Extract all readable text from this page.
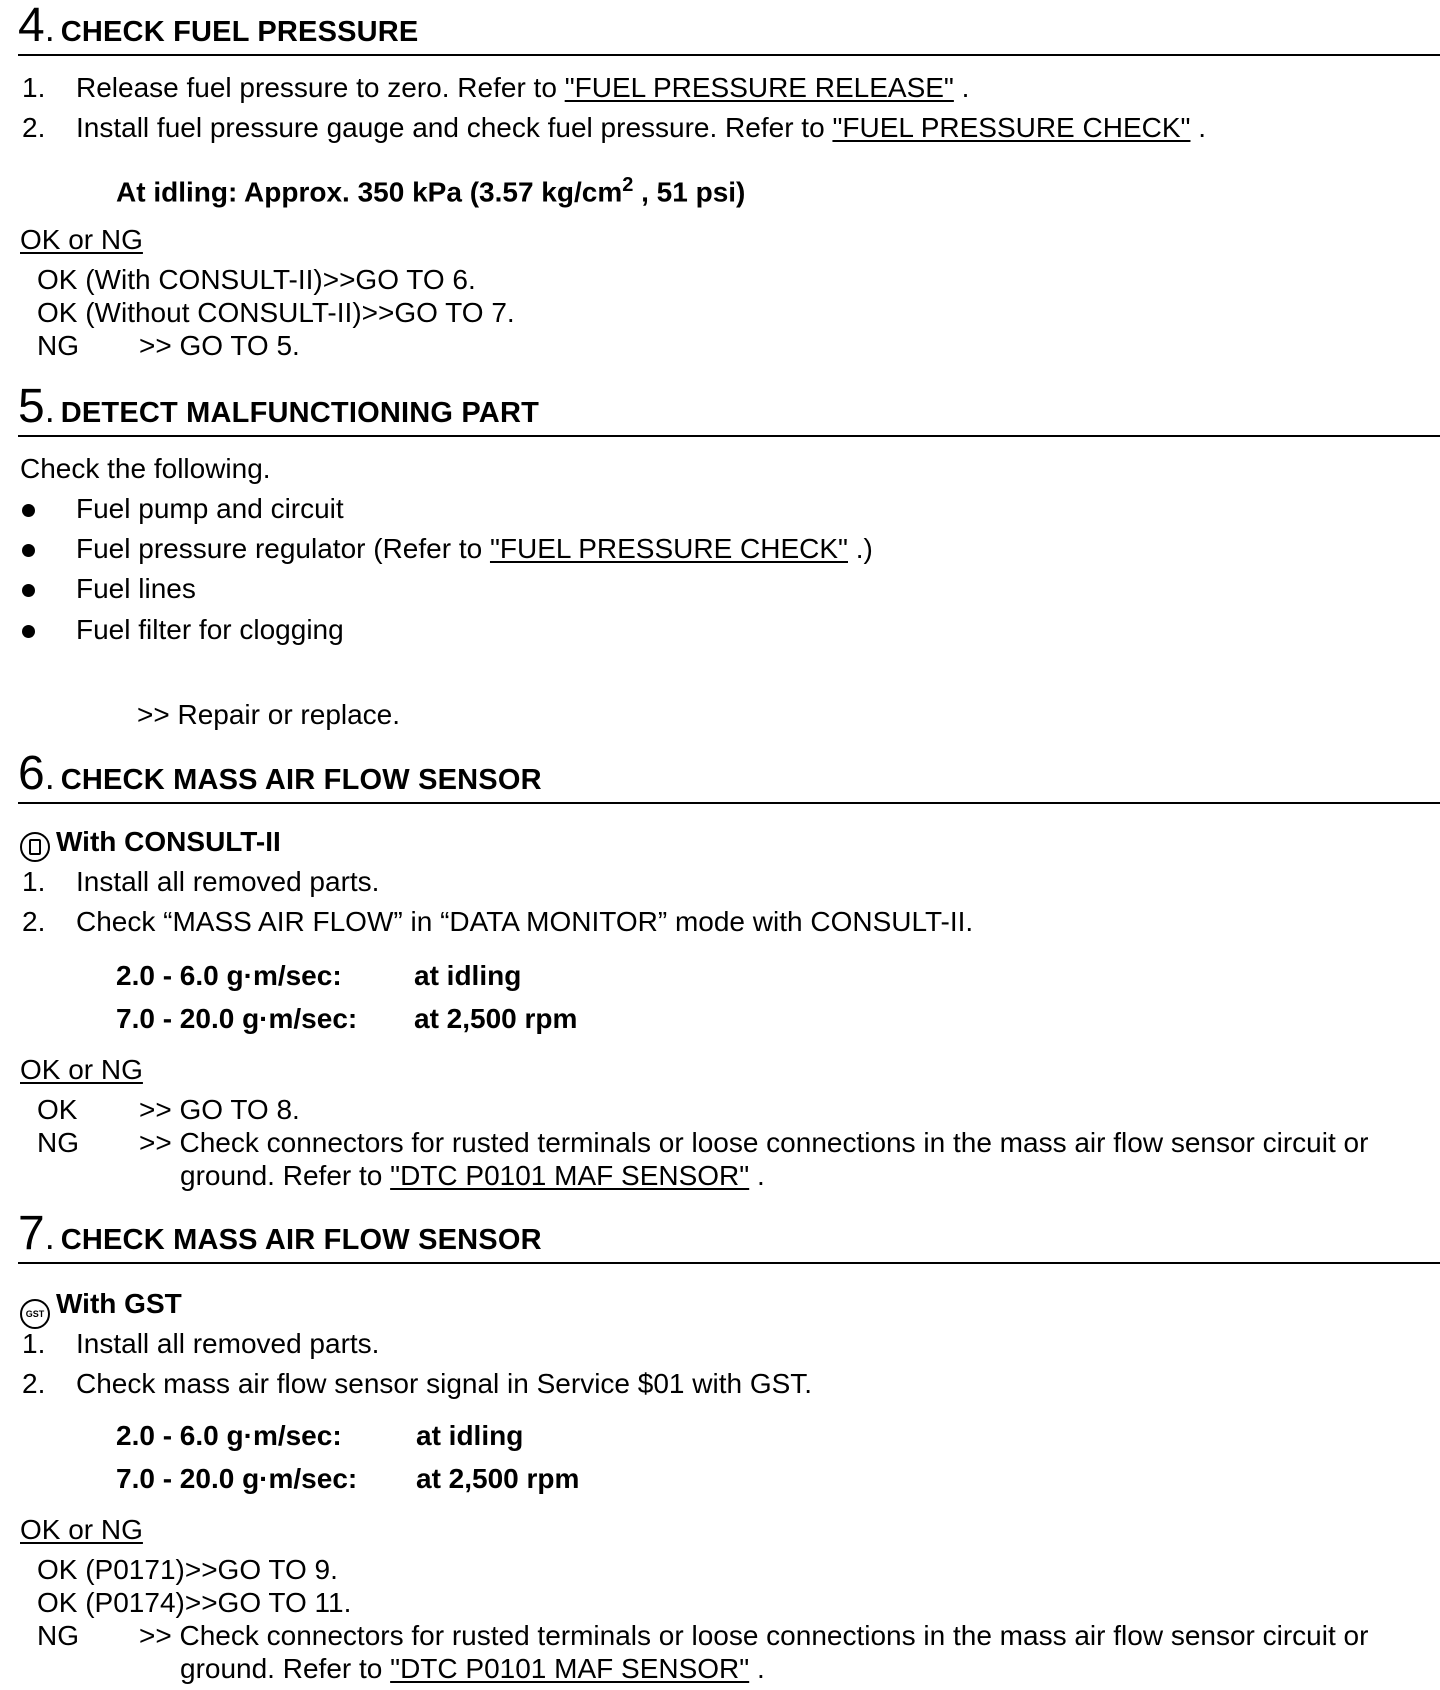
4. CHECK FUEL PRESSURE
1. Release fuel pressure to zero. Refer to "FUEL PRESSURE RELEASE" .
2. Install fuel pressure gauge and check fuel pressure. Refer to "FUEL PRESSURE CHECK" .
At idling: Approx. 350 kPa (3.57 $kg/cm^2$ , 51 psi)
OK or NG
OK (With CONSULT-II)>>GO TO 6.
OK (Without CONSULT-II)>>GO TO 7.
NG >> GO TO 5.
5. DETECT MALFUNCTIONING PART
Check the following.
Fuel pump and circuit
Fuel pressure regulator (Refer to "FUEL PRESSURE CHECK" .)
Fuel lines
Fuel filter for clogging
>> Repair or replace.
6. CHECK MASS AIR FLOW SENSOR
With CONSULT-II
1. Install all removed parts.
2. Check “MASS AIR FLOW” in “DATA MONITOR” mode with CONSULT-II.
2.0 - 6.0 g·m/sec:	at idling
7.0 - 20.0 g·m/sec: at 2,500 rpm
OK or NG
OK >> GO TO 8.
NG >> Check connectors for rusted terminals or loose connections in the mass air flow sensor circuit or
ground. Refer to "DTC P0101 MAF SENSOR" .
7. CHECK MASS AIR FLOW SENSOR
GST With GST
1. Install all removed parts.
2. Check mass air flow sensor signal in Service $01 with GST.
2.0 - 6.0 g·m/sec:	at idling
7.0 - 20.0 g·m/sec: at 2,500 rpm
OK or NG
OK (P0171)>>GO TO 9.
OK (P0174)>>GO TO 11.
NG >> Check connectors for rusted terminals or loose connections in the mass air flow sensor circuit or
ground. Refer to "DTC P0101 MAF SENSOR" .
